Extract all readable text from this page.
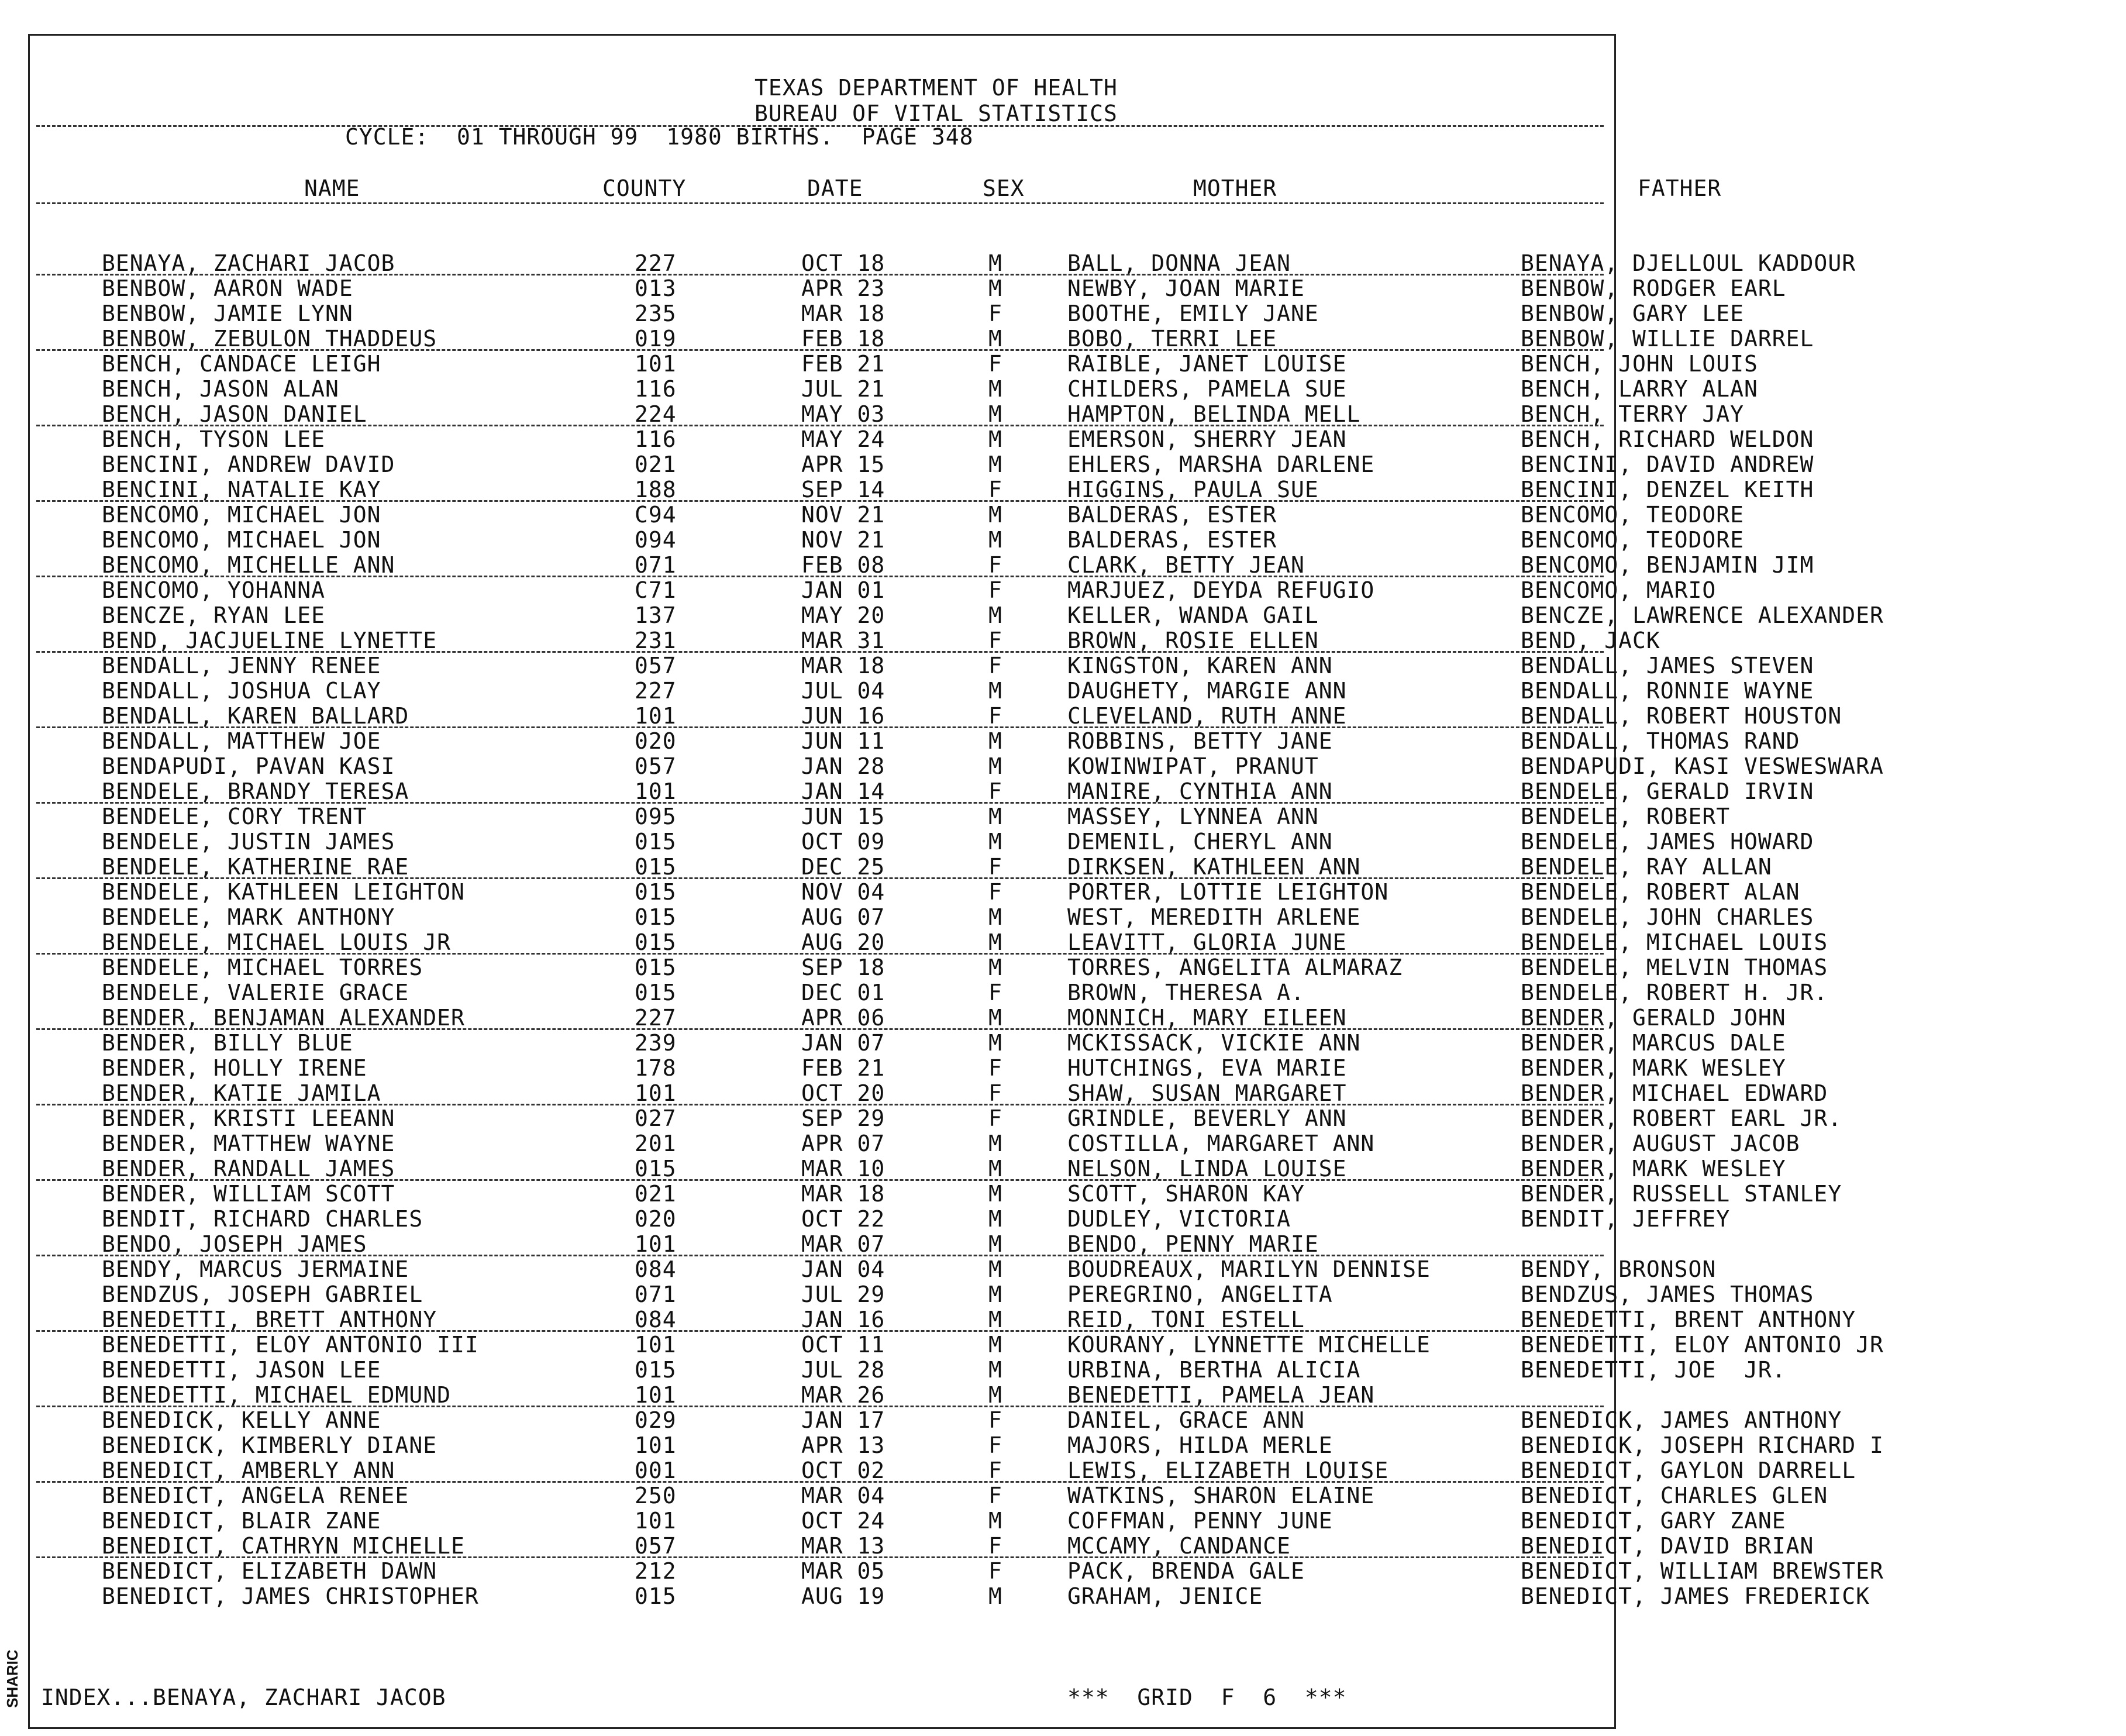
SHARIC
TEXAS DEPARTMENT OF HEALTH
BUREAU OF VITAL STATISTICS
CYCLE:  01 THROUGH 99  1980 BIRTHS.  PAGE 348
NAME	COUNTY	DATE	SEX	MOTHER	FATHER
BENAYA, ZACHARI JACOB	227	OCT 18	M	BALL, DONNA JEAN	BENAYA, DJELLOUL KADDOUR
BENBOW, AARON WADE	013	APR 23	M	NEWBY, JOAN MARIE	BENBOW, RODGER EARL
BENBOW, JAMIE LYNN	235	MAR 18	F	BOOTHE, EMILY JANE	BENBOW, GARY LEE
BENBOW, ZEBULON THADDEUS	019	FEB 18	M	BOBO, TERRI LEE	BENBOW, WILLIE DARREL
BENCH, CANDACE LEIGH	101	FEB 21	F	RAIBLE, JANET LOUISE	BENCH, JOHN LOUIS
BENCH, JASON ALAN	116	JUL 21	M	CHILDERS, PAMELA SUE	BENCH, LARRY ALAN
BENCH, JASON DANIEL	224	MAY 03	M	HAMPTON, BELINDA MELL	BENCH, TERRY JAY
BENCH, TYSON LEE	116	MAY 24	M	EMERSON, SHERRY JEAN	BENCH, RICHARD WELDON
BENCINI, ANDREW DAVID	021	APR 15	M	EHLERS, MARSHA DARLENE	BENCINI, DAVID ANDREW
BENCINI, NATALIE KAY	188	SEP 14	F	HIGGINS, PAULA SUE	BENCINI, DENZEL KEITH
BENCOMO, MICHAEL JON	C94	NOV 21	M	BALDERAS, ESTER	BENCOMO, TEODORE
BENCOMO, MICHAEL JON	094	NOV 21	M	BALDERAS, ESTER	BENCOMO, TEODORE
BENCOMO, MICHELLE ANN	071	FEB 08	F	CLARK, BETTY JEAN	BENCOMO, BENJAMIN JIM
BENCOMO, YOHANNA	C71	JAN 01	F	MARJUEZ, DEYDA REFUGIO	BENCOMO, MARIO
BENCZE, RYAN LEE	137	MAY 20	M	KELLER, WANDA GAIL	BENCZE, LAWRENCE ALEXANDER
BEND, JACJUELINE LYNETTE	231	MAR 31	F	BROWN, ROSIE ELLEN	BEND, JACK
BENDALL, JENNY RENEE	057	MAR 18	F	KINGSTON, KAREN ANN	BENDALL, JAMES STEVEN
BENDALL, JOSHUA CLAY	227	JUL 04	M	DAUGHETY, MARGIE ANN	BENDALL, RONNIE WAYNE
BENDALL, KAREN BALLARD	101	JUN 16	F	CLEVELAND, RUTH ANNE	BENDALL, ROBERT HOUSTON
BENDALL, MATTHEW JOE	020	JUN 11	M	ROBBINS, BETTY JANE	BENDALL, THOMAS RAND
BENDAPUDI, PAVAN KASI	057	JAN 28	M	KOWINWIPAT, PRANUT	BENDAPUDI, KASI VESWESWARA
BENDELE, BRANDY TERESA	101	JAN 14	F	MANIRE, CYNTHIA ANN	BENDELE, GERALD IRVIN
BENDELE, CORY TRENT	095	JUN 15	M	MASSEY, LYNNEA ANN	BENDELE, ROBERT
BENDELE, JUSTIN JAMES	015	OCT 09	M	DEMENIL, CHERYL ANN	BENDELE, JAMES HOWARD
BENDELE, KATHERINE RAE	015	DEC 25	F	DIRKSEN, KATHLEEN ANN	BENDELE, RAY ALLAN
BENDELE, KATHLEEN LEIGHTON	015	NOV 04	F	PORTER, LOTTIE LEIGHTON	BENDELE, ROBERT ALAN
BENDELE, MARK ANTHONY	015	AUG 07	M	WEST, MEREDITH ARLENE	BENDELE, JOHN CHARLES
BENDELE, MICHAEL LOUIS JR	015	AUG 20	M	LEAVITT, GLORIA JUNE	BENDELE, MICHAEL LOUIS
BENDELE, MICHAEL TORRES	015	SEP 18	M	TORRES, ANGELITA ALMARAZ	BENDELE, MELVIN THOMAS
BENDELE, VALERIE GRACE	015	DEC 01	F	BROWN, THERESA A.	BENDELE, ROBERT H. JR.
BENDER, BENJAMAN ALEXANDER	227	APR 06	M	MONNICH, MARY EILEEN	BENDER, GERALD JOHN
BENDER, BILLY BLUE	239	JAN 07	M	MCKISSACK, VICKIE ANN	BENDER, MARCUS DALE
BENDER, HOLLY IRENE	178	FEB 21	F	HUTCHINGS, EVA MARIE	BENDER, MARK WESLEY
BENDER, KATIE JAMILA	101	OCT 20	F	SHAW, SUSAN MARGARET	BENDER, MICHAEL EDWARD
BENDER, KRISTI LEEANN	027	SEP 29	F	GRINDLE, BEVERLY ANN	BENDER, ROBERT EARL JR.
BENDER, MATTHEW WAYNE	201	APR 07	M	COSTILLA, MARGARET ANN	BENDER, AUGUST JACOB
BENDER, RANDALL JAMES	015	MAR 10	M	NELSON, LINDA LOUISE	BENDER, MARK WESLEY
BENDER, WILLIAM SCOTT	021	MAR 18	M	SCOTT, SHARON KAY	BENDER, RUSSELL STANLEY
BENDIT, RICHARD CHARLES	020	OCT 22	M	DUDLEY, VICTORIA	BENDIT, JEFFREY
BENDO, JOSEPH JAMES	101	MAR 07	M	BENDO, PENNY MARIE
BENDY, MARCUS JERMAINE	084	JAN 04	M	BOUDREAUX, MARILYN DENNISE	BENDY, BRONSON
BENDZUS, JOSEPH GABRIEL	071	JUL 29	M	PEREGRINO, ANGELITA	BENDZUS, JAMES THOMAS
BENEDETTI, BRETT ANTHONY	084	JAN 16	M	REID, TONI ESTELL	BENEDETTI, BRENT ANTHONY
BENEDETTI, ELOY ANTONIO III	101	OCT 11	M	KOURANY, LYNNETTE MICHELLE	BENEDETTI, ELOY ANTONIO JR
BENEDETTI, JASON LEE	015	JUL 28	M	URBINA, BERTHA ALICIA	BENEDETTI, JOE  JR.
BENEDETTI, MICHAEL EDMUND	101	MAR 26	M	BENEDETTI, PAMELA JEAN
BENEDICK, KELLY ANNE	029	JAN 17	F	DANIEL, GRACE ANN	BENEDICK, JAMES ANTHONY
BENEDICK, KIMBERLY DIANE	101	APR 13	F	MAJORS, HILDA MERLE	BENEDICK, JOSEPH RICHARD I
BENEDICT, AMBERLY ANN	001	OCT 02	F	LEWIS, ELIZABETH LOUISE	BENEDICT, GAYLON DARRELL
BENEDICT, ANGELA RENEE	250	MAR 04	F	WATKINS, SHARON ELAINE	BENEDICT, CHARLES GLEN
BENEDICT, BLAIR ZANE	101	OCT 24	M	COFFMAN, PENNY JUNE	BENEDICT, GARY ZANE
BENEDICT, CATHRYN MICHELLE	057	MAR 13	F	MCCAMY, CANDANCE	BENEDICT, DAVID BRIAN
BENEDICT, ELIZABETH DAWN	212	MAR 05	F	PACK, BRENDA GALE	BENEDICT, WILLIAM BREWSTER
BENEDICT, JAMES CHRISTOPHER	015	AUG 19	M	GRAHAM, JENICE	BENEDICT, JAMES FREDERICK
INDEX...BENAYA, ZACHARI JACOB	***  GRID  F  6  ***
